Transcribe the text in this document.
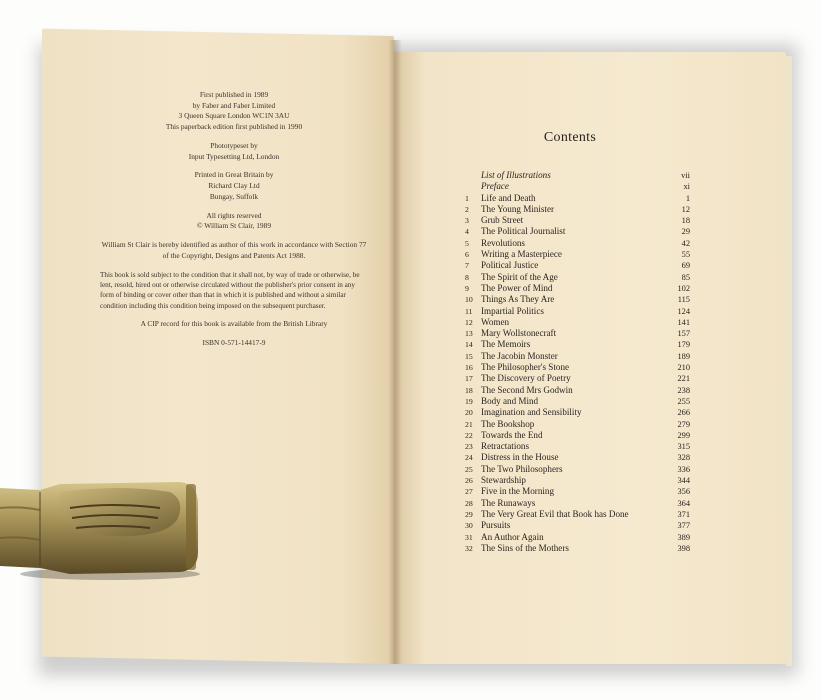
First published in 1989

by Faber and Faber Limited

3 Queen Square London WC1N 3AU

This paperback edition first published in 1990

Phototypeset by

Input Typesetting Ltd, London

Printed in Great Britain by

Richard Clay Ltd

Bungay, Suffolk

All rights reserved

© William St Clair, 1989

William St Clair is hereby identified as author of this work in accordance with Section 77 of the Copyright, Designs and Patents Act 1988.

This book is sold subject to the condition that it shall not, by way of trade or otherwise, be lent, resold, hired out or otherwise circulated without the publisher's prior consent in any form of binding or cover other than that in which it is published and without a similar condition including this condition being imposed on the subsequent purchaser.

A CIP record for this book is available from the British Library

ISBN 0-571-14417-9

Contents
List of Illustrations	vii
Preface	xi
1	Life and Death	1
2	The Young Minister	12
3	Grub Street	18
4	The Political Journalist	29
5	Revolutions	42
6	Writing a Masterpiece	55
7	Political Justice	69
8	The Spirit of the Age	85
9	The Power of Mind	102
10 Things As They Are	115
11 Impartial Politics	124
12 Women	141
13 Mary Wollstonecraft	157
14 The Memoirs	179
15 The Jacobin Monster	189
16 The Philosopher's Stone	210
17 The Discovery of Poetry	221
18 The Second Mrs Godwin	238
19 Body and Mind	255
20 Imagination and Sensibility	266
21 The Bookshop	279
22 Towards the End	299
23 Retractations	315
24 Distress in the House	328
25 The Two Philosophers	336
26 Stewardship	344
27 Five in the Morning	356
28 The Runaways	364
29 The Very Great Evil that Book has Done	371
30 Pursuits	377
31 An Author Again	389
32 The Sins of the Mothers	398
